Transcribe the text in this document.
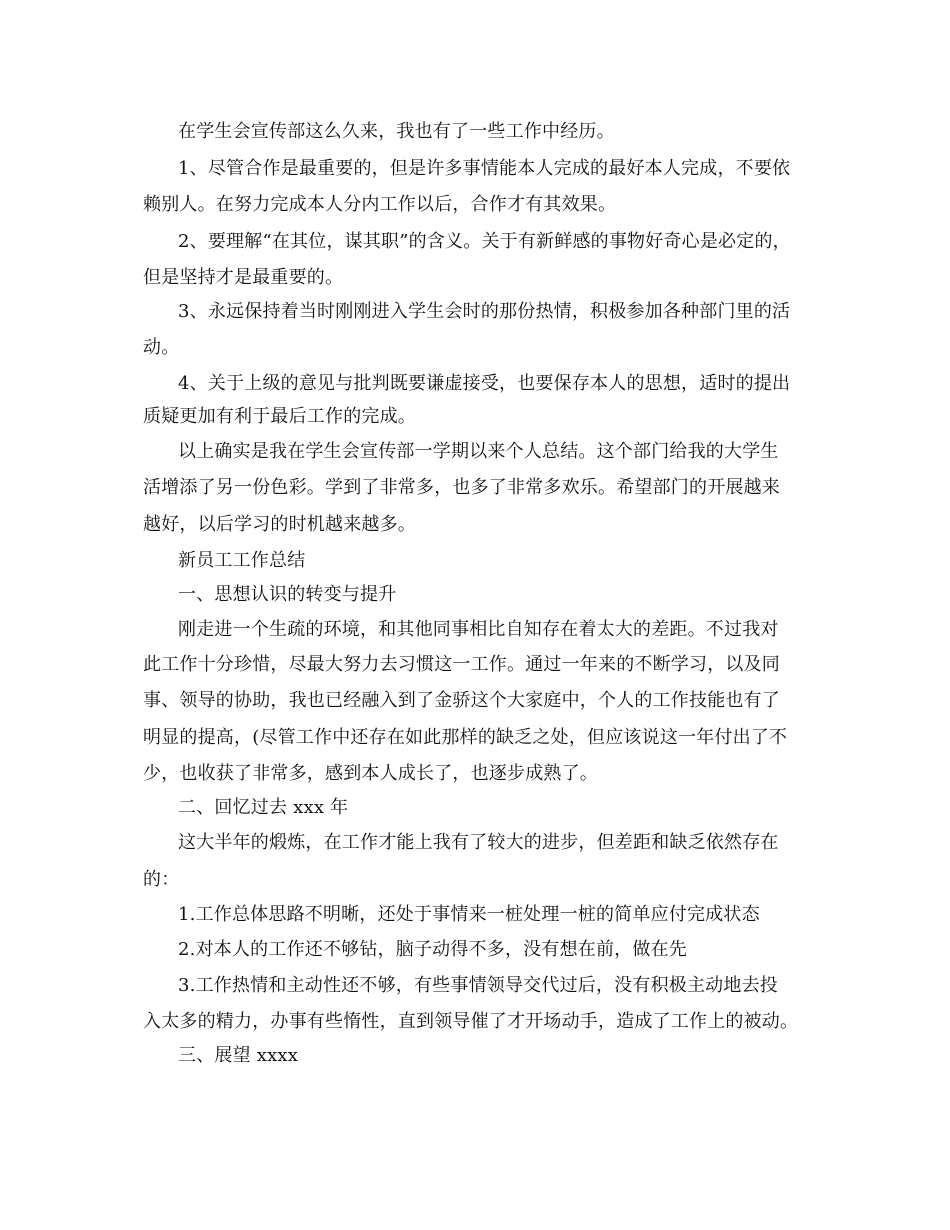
在学生会宣传部这么久来，我也有了一些工作中经历。
1、尽管合作是最重要的，但是许多事情能本人完成的最好本人完成，不要依
赖别人。在努力完成本人分内工作以后，合作才有其效果。
2、要理解“在其位，谋其职”的含义。关于有新鲜感的事物好奇心是必定的，
但是坚持才是最重要的。
3、永远保持着当时刚刚进入学生会时的那份热情，积极参加各种部门里的活
动。
4、关于上级的意见与批判既要谦虚接受，也要保存本人的思想，适时的提出
质疑更加有利于最后工作的完成。
以上确实是我在学生会宣传部一学期以来个人总结。这个部门给我的大学生
活增添了另一份色彩。学到了非常多，也多了非常多欢乐。希望部门的开展越来
越好，以后学习的时机越来越多。
新员工工作总结
一、思想认识的转变与提升
刚走进一个生疏的环境，和其他同事相比自知存在着太大的差距。不过我对
此工作十分珍惜，尽最大努力去习惯这一工作。通过一年来的不断学习，以及同
事、领导的协助，我也已经融入到了金骄这个大家庭中，个人的工作技能也有了
明显的提高，(尽管工作中还存在如此那样的缺乏之处，但应该说这一年付出了不
少，也收获了非常多，感到本人成长了，也逐步成熟了。
二、回忆过去 xxx 年
这大半年的煅炼，在工作才能上我有了较大的进步，但差距和缺乏依然存在
的：
1.工作总体思路不明晰，还处于事情来一桩处理一桩的简单应付完成状态
2.对本人的工作还不够钻，脑子动得不多，没有想在前，做在先
3.工作热情和主动性还不够，有些事情领导交代过后，没有积极主动地去投
入太多的精力，办事有些惰性，直到领导催了才开场动手，造成了工作上的被动。
三、展望 xxxx
